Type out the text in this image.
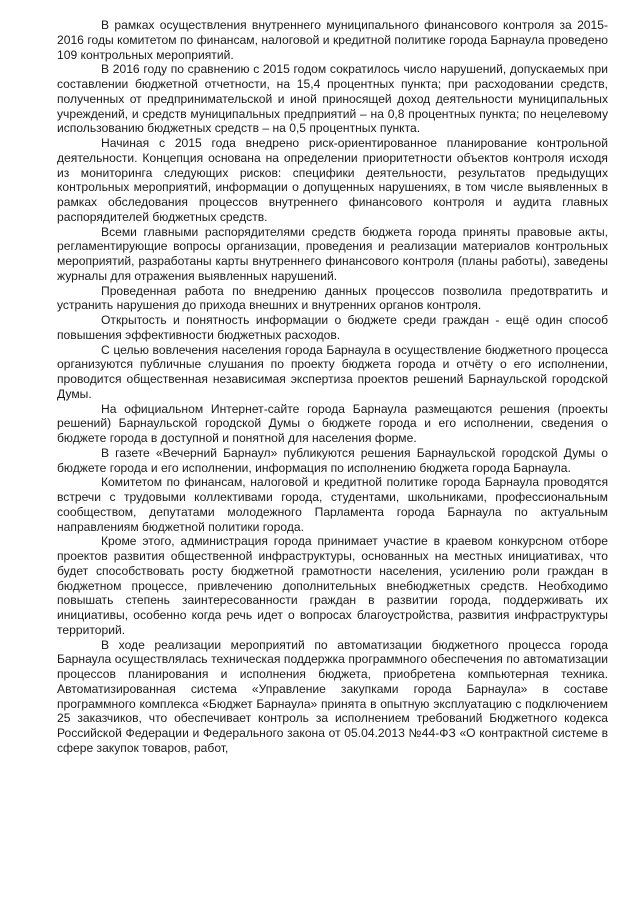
В рамках осуществления внутреннего муниципального финансового контроля за 2015-2016 годы комитетом по финансам, налоговой и кредитной политике города Барнаула проведено 109 контрольных мероприятий.

В 2016 году по сравнению с 2015 годом сократилось число нарушений, допускаемых при составлении бюджетной отчетности, на 15,4 процентных пункта; при расходовании средств, полученных от предпринимательской и иной приносящей доход деятельности муниципальных учреждений, и средств муниципальных предприятий – на 0,8 процентных пункта; по нецелевому использованию бюджетных средств – на 0,5 процентных пункта.

Начиная с 2015 года внедрено риск-ориентированное планирование контрольной деятельности. Концепция основана на определении приоритетности объектов контроля исходя из мониторинга следующих рисков: специфики деятельности, результатов предыдущих контрольных мероприятий, информации о допущенных нарушениях, в том числе выявленных в рамках обследования процессов внутреннего финансового контроля и аудита главных распорядителей бюджетных средств.

Всеми главными распорядителями средств бюджета города приняты правовые акты, регламентирующие вопросы организации, проведения и реализации материалов контрольных мероприятий, разработаны карты внутреннего финансового контроля (планы работы), заведены журналы для отражения выявленных нарушений.

Проведенная работа по внедрению данных процессов позволила предотвратить и устранить нарушения до прихода внешних и внутренних органов контроля.

Открытость и понятность информации о бюджете среди граждан - ещё один способ повышения эффективности бюджетных расходов.

С целью вовлечения населения города Барнаула в осуществление бюджетного процесса организуются публичные слушания по проекту бюджета города и отчёту о его исполнении, проводится общественная независимая экспертиза проектов решений Барнаульской городской Думы.

На официальном Интернет-сайте города Барнаула размещаются решения (проекты решений) Барнаульской городской Думы о бюджете города и его исполнении, сведения о бюджете города в доступной и понятной для населения форме.

В газете «Вечерний Барнаул» публикуются решения Барнаульской городской Думы о бюджете города и его исполнении, информация по исполнению бюджета города Барнаула.

Комитетом по финансам, налоговой и кредитной политике города Барнаула проводятся встречи с трудовыми коллективами города, студентами, школьниками, профессиональным сообществом, депутатами молодежного Парламента города Барнаула по актуальным направлениям бюджетной политики города.

Кроме этого, администрация города принимает участие в краевом конкурсном отборе проектов развития общественной инфраструктуры, основанных на местных инициативах, что будет способствовать росту бюджетной грамотности населения, усилению роли граждан в бюджетном процессе, привлечению дополнительных внебюджетных средств. Необходимо повышать степень заинтересованности граждан в развитии города, поддерживать их инициативы, особенно когда речь идет о вопросах благоустройства, развития инфраструктуры территорий.

В ходе реализации мероприятий по автоматизации бюджетного процесса города Барнаула осуществлялась техническая поддержка программного обеспечения по автоматизации процессов планирования и исполнения бюджета, приобретена компьютерная техника. Автоматизированная система «Управление закупками города Барнаула» в составе программного комплекса «Бюджет Барнаула» принята в опытную эксплуатацию с подключением 25 заказчиков, что обеспечивает контроль за исполнением требований Бюджетного кодекса Российской Федерации и Федерального закона от 05.04.2013 №44-ФЗ «О контрактной системе в сфере закупок товаров, работ,
